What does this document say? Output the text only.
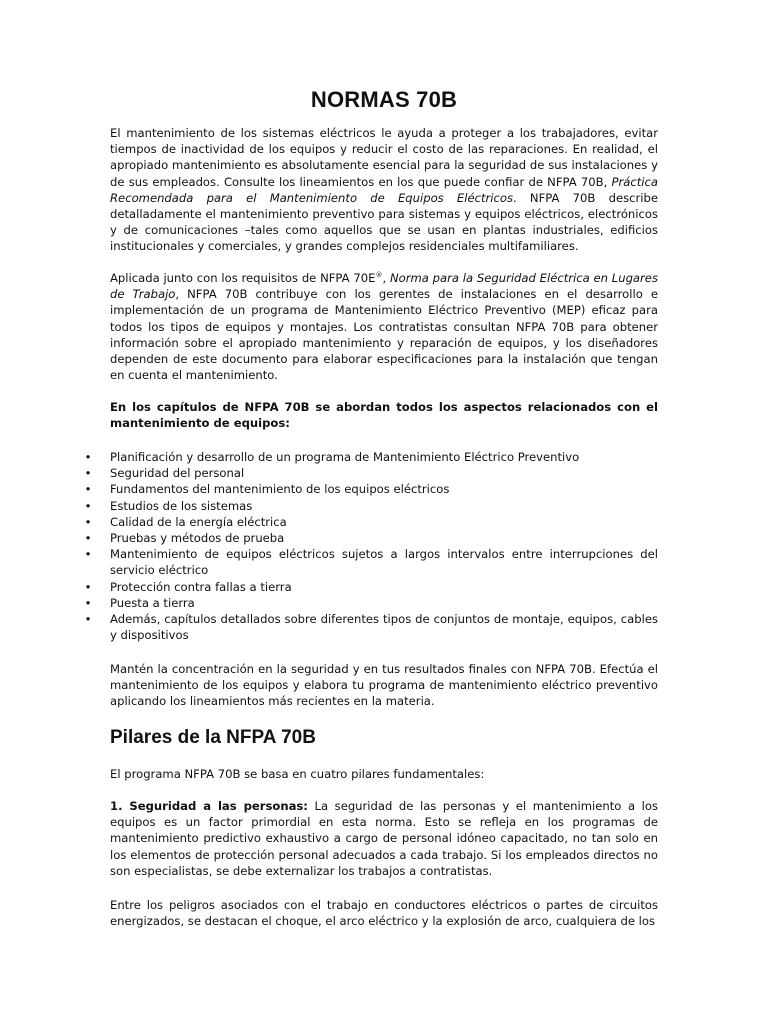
NORMAS 70B
El mantenimiento de los sistemas eléctricos le ayuda a proteger a los trabajadores, evitar tiempos de inactividad de los equipos y reducir el costo de las reparaciones. En realidad, el apropiado mantenimiento es absolutamente esencial para la seguridad de sus instalaciones y de sus empleados. Consulte los lineamientos en los que puede confiar de NFPA 70B, Práctica Recomendada para el Mantenimiento de Equipos Eléctricos. NFPA 70B describe detalladamente el mantenimiento preventivo para sistemas y equipos eléctricos, electrónicos y de comunicaciones –tales como aquellos que se usan en plantas industriales, edificios institucionales y comerciales, y grandes complejos residenciales multifamiliares.
Aplicada junto con los requisitos de NFPA 70E®, Norma para la Seguridad Eléctrica en Lugares de Trabajo, NFPA 70B contribuye con los gerentes de instalaciones en el desarrollo e implementación de un programa de Mantenimiento Eléctrico Preventivo (MEP) eficaz para todos los tipos de equipos y montajes. Los contratistas consultan NFPA 70B para obtener información sobre el apropiado mantenimiento y reparación de equipos, y los diseñadores dependen de este documento para elaborar especificaciones para la instalación que tengan en cuenta el mantenimiento.
En los capítulos de NFPA 70B se abordan todos los aspectos relacionados con el mantenimiento de equipos:
• Planificación y desarrollo de un programa de Mantenimiento Eléctrico Preventivo
• Seguridad del personal
• Fundamentos del mantenimiento de los equipos eléctricos
• Estudios de los sistemas
• Calidad de la energía eléctrica
• Pruebas y métodos de prueba
• Mantenimiento de equipos eléctricos sujetos a largos intervalos entre interrupciones del servicio eléctrico
• Protección contra fallas a tierra
• Puesta a tierra
• Además, capítulos detallados sobre diferentes tipos de conjuntos de montaje, equipos, cables y dispositivos
Mantén la concentración en la seguridad y en tus resultados finales con NFPA 70B. Efectúa el mantenimiento de los equipos y elabora tu programa de mantenimiento eléctrico preventivo aplicando los lineamientos más recientes en la materia.
Pilares de la NFPA 70B
El programa NFPA 70B se basa en cuatro pilares fundamentales:
1. Seguridad a las personas: La seguridad de las personas y el mantenimiento a los equipos es un factor primordial en esta norma. Esto se refleja en los programas de mantenimiento predictivo exhaustivo a cargo de personal idóneo capacitado, no tan solo en los elementos de protección personal adecuados a cada trabajo. Si los empleados directos no son especialistas, se debe externalizar los trabajos a contratistas.
Entre los peligros asociados con el trabajo en conductores eléctricos o partes de circuitos energizados, se destacan el choque, el arco eléctrico y la explosión de arco, cualquiera de los
